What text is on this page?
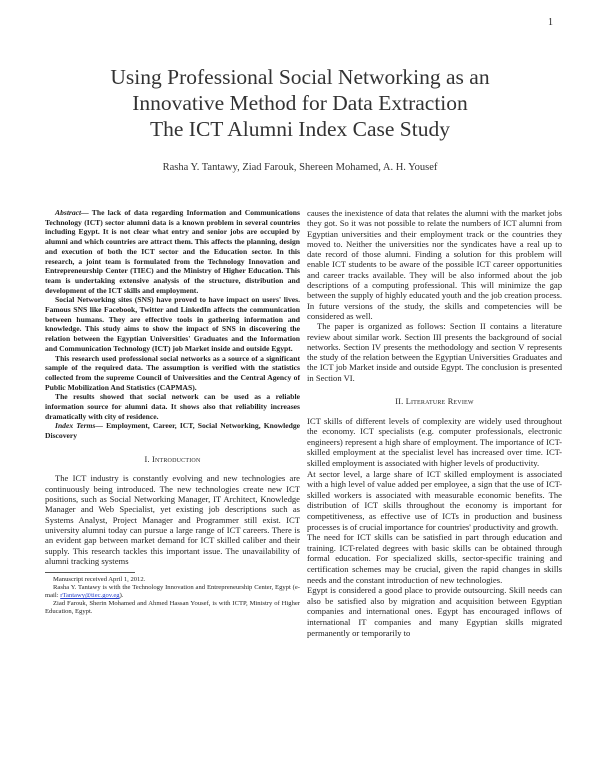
1
Using Professional Social Networking as an
Innovative Method for Data Extraction
The ICT Alumni Index Case Study
Rasha Y. Tantawy, Ziad Farouk, Shereen Mohamed, A. H. Yousef

Abstract— The lack of data regarding Information and Communications Technology (ICT) sector alumni data is a known problem in several countries including Egypt. It is not clear what entry and senior jobs are occupied by alumni and which countries are attract them. This affects the planning, design and execution of both the ICT sector and the Education sector. In this research, a joint team is formulated from the Technology Innovation and Entrepreneurship Center (TIEC) and the Ministry of Higher Education. This team is undertaking extensive analysis of the structure, distribution and development of the ICT skills and employment.

Social Networking sites (SNS) have proved to have impact on users' lives. Famous SNS like Facebook, Twitter and LinkedIn affects the communication between humans. They are effective tools in gathering information and knowledge. This study aims to show the impact of SNS in discovering the relation between the Egyptian Universities' Graduates and the Information and Communication Technology (ICT) job Market inside and outside Egypt.

This research used professional social networks as a source of a significant sample of the required data. The assumption is verified with the statistics collected from the supreme Council of Universities and the Central Agency of Public Mobilization And Statistics (CAPMAS).

The results showed that social network can be used as a reliable information source for alumni data. It shows also that reliability increases dramatically with city of residence.

Index Terms— Employment, Career, ICT, Social Networking, Knowledge Discovery

I. Introduction

The ICT industry is constantly evolving and new technologies are continuously being introduced. The new technologies create new ICT positions, such as Social Networking Manager, IT Architect, Knowledge Manager and Web Specialist, yet existing job descriptions such as Systems Analyst, Project Manager and Programmer still exist. ICT university alumni today can pursue a large range of ICT careers. There is an evident gap between market demand for ICT skilled caliber and their supply. This research tackles this important issue. The unavailability of alumni tracking systems

Manuscript received April 1, 2012.

Rasha Y. Tantawy is with the Technology Innovation and Entrepreneurship Center, Egypt (e-mail: rTantawy@tiec.gov.eg).

Ziad Farouk, Sherin Mohamed and Ahmed Hassan Yousef, is with ICTP, Ministry of Higher Education, Egypt.

causes the inexistence of data that relates the alumni with the market jobs they got. So it was not possible to relate the numbers of ICT alumni from Egyptian universities and their employment track or the countries they moved to. Neither the universities nor the syndicates have a real up to date record of those alumni. Finding a solution for this problem will enable ICT students to be aware of the possible ICT career opportunities and career tracks available. They will be also informed about the job descriptions of a computing professional. This will minimize the gap between the supply of highly educated youth and the job creation process. In future versions of the study, the skills and competencies will be considered as well.

The paper is organized as follows: Section II contains a literature review about similar work. Section III presents the background of social networks. Section IV presents the methodology and section V represents the study of the relation between the Egyptian Universities Graduates and the ICT job Market inside and outside Egypt. The conclusion is presented in Section VI.

II. Literature Review

ICT skills of different levels of complexity are widely used throughout the economy. ICT specialists (e.g. computer professionals, electronic engineers) represent a high share of employment. The importance of ICT-skilled employment at the specialist level has increased over time. ICT-skilled employment is associated with higher levels of productivity.

At sector level, a large share of ICT skilled employment is associated with a high level of value added per employee, a sign that the use of ICT-skilled workers is associated with measurable economic benefits. The distribution of ICT skills throughout the economy is important for competitiveness, as effective use of ICTs in production and business processes is of crucial importance for countries' productivity and growth.

The need for ICT skills can be satisfied in part through education and training. ICT-related degrees with basic skills can be obtained through formal education. For specialized skills, sector-specific training and certification schemes may be crucial, given the rapid changes in skills needs and the constant introduction of new technologies.

Egypt is considered a good place to provide outsourcing. Skill needs can also be satisfied also by migration and acquisition between Egyptian companies and international ones. Egypt has encouraged inflows of international IT companies and many Egyptian skills migrated permanently or temporarily to
